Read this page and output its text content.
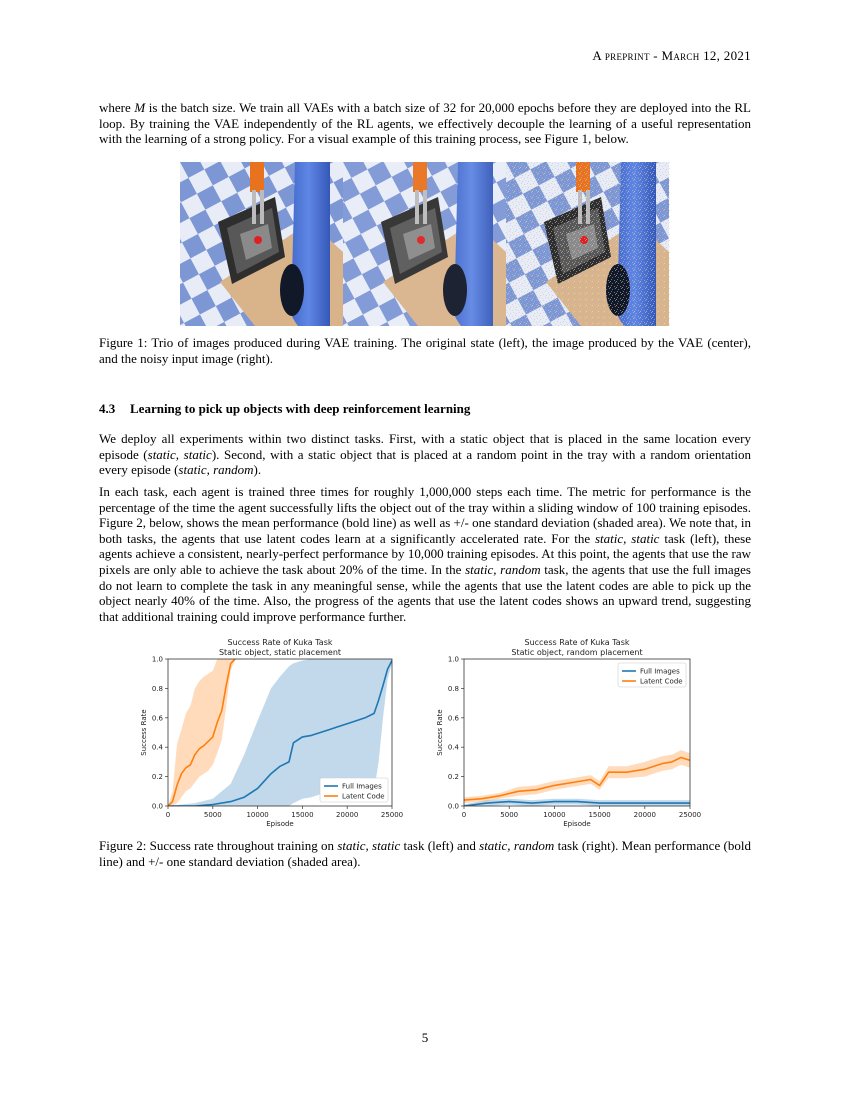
A preprint - March 12, 2021

where M is the batch size. We train all VAEs with a batch size of 32 for 20,000 epochs before they are deployed into the RL loop. By training the VAE independently of the RL agents, we effectively decouple the learning of a useful representation with the learning of a strong policy. For a visual example of this training process, see Figure 1, below.

Figure 1: Trio of images produced during VAE training. The original state (left), the image produced by the VAE (center), and the noisy input image (right).

4.3 Learning to pick up objects with deep reinforcement learning

We deploy all experiments within two distinct tasks. First, with a static object that is placed in the same location every episode (static, static). Second, with a static object that is placed at a random point in the tray with a random orientation every episode (static, random).

In each task, each agent is trained three times for roughly 1,000,000 steps each time. The metric for performance is the percentage of the time the agent successfully lifts the object out of the tray within a sliding window of 100 training episodes. Figure 2, below, shows the mean performance (bold line) as well as +/- one standard deviation (shaded area). We note that, in both tasks, the agents that use latent codes learn at a significantly accelerated rate. For the static, static task (left), these agents achieve a consistent, nearly-perfect performance by 10,000 training episodes. At this point, the agents that use the raw pixels are only able to achieve the task about 20% of the time. In the static, random task, the agents that use the full images do not learn to complete the task in any meaningful sense, while the agents that use the latent codes are able to pick up the object nearly 40% of the time. Also, the progress of the agents that use the latent codes shows an upward trend, suggesting that additional training could improve performance further.

Success Rate of Kuka Task
Static object, static placement
0	5000	10000	15000	20000	25000
0.0
0.2
0.4
0.6
0.8
1.0
Episode
Success Rate
Full Images
Latent Code
Success Rate of Kuka Task
Static object, random placement
0	5000	10000	15000	20000	25000
0.0
0.2
0.4
0.6
0.8
1.0
Episode
Success Rate
Full Images
Latent Code

Figure 2: Success rate throughout training on static, static task (left) and static, random task (right). Mean performance (bold line) and +/- one standard deviation (shaded area).

5
